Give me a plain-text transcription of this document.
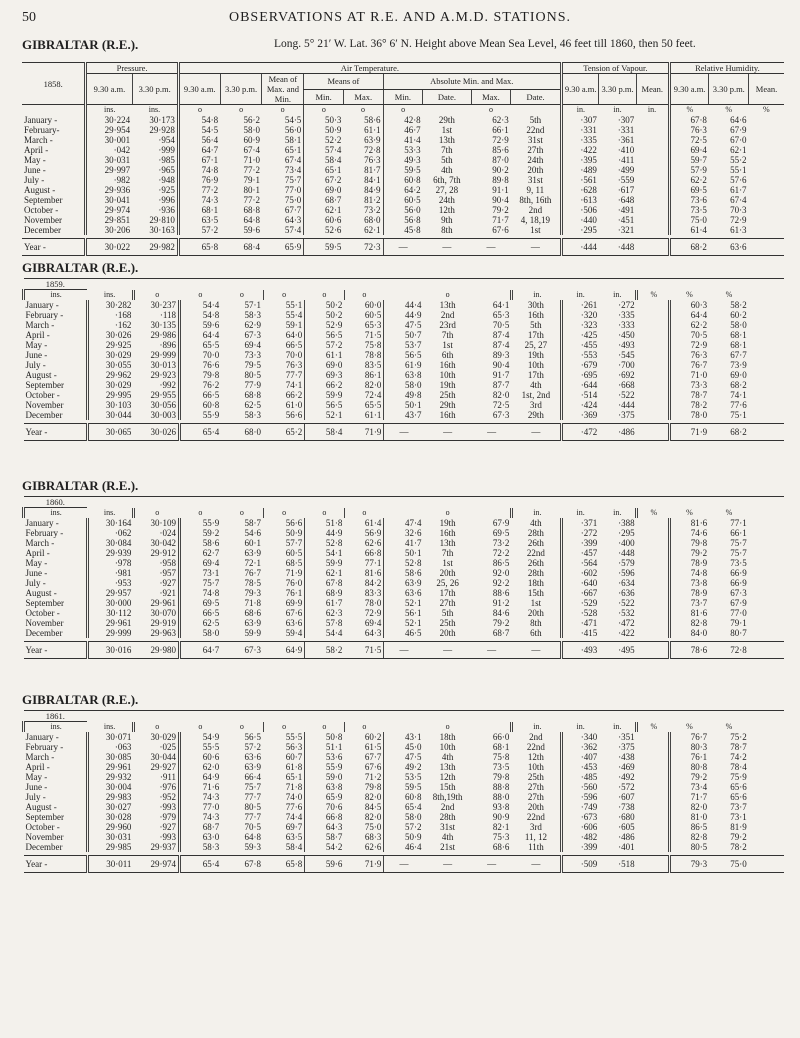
50	OBSERVATIONS AT R.E. AND A.M.D. STATIONS.
GIBRALTAR (R.E.).	Long. 5° 21′ W. Lat. 36° 6′ N. Height above Mean Sea Level, 46 feet till 1860, then 50 feet.
1858.	Pressure.		Air Temperature.									Tension of Vapour.			Relative Humidity.		
	9.30 a.m.	3.30 p.m.	9.30 a.m.	3.30 p.m.	Mean of Max. and Min.	Means of		Absolute Min. and Max.				9.30 a.m.	3.30 p.m.	Mean.	9.30 a.m.	3.30 p.m.	Mean.
						Min.	Max.	Min.	Date.	Max.	Date.						
	ins.	ins.	o	o	o	o	o	o		o		in.	in.	in.	%	%	%
January -	30·224	30·173	54·8	56·2	54·5	50·3	58·6	42·8	29th	62·3	5th	·307	·307		67·8	64·6	
February-	29·954	29·928	54·5	58·0	56·0	50·9	61·1	46·7	1st	66·1	22nd	·331	·331		76·3	67·9	
March -	30·001	·954	56·4	60·9	58·1	52·2	63·9	41·4	13th	72·9	31st	·335	·361		72·5	67·0	
April -	·042	·999	64·7	67·4	65·1	57·4	72·8	53·3	7th	85·6	27th	·422	·410		69·4	62·1	
May -	30·031	·985	67·1	71·0	67·4	58·4	76·3	49·3	5th	87·0	24th	·395	·411		59·7	55·2	
June -	29·997	·965	74·8	77·2	73·4	65·1	81·7	59·5	4th	90·2	20th	·489	·499		57·9	55·1	
July -	·982	·948	76·9	79·1	75·7	67·2	84·1	60·8	6th, 7th	89·8	31st	·561	·559		62·2	57·6	
August -	29·936	·925	77·2	80·1	77·0	69·0	84·9	64·2	27, 28	91·1	9, 11	·628	·617		69·5	61·7	
September	30·041	·996	74·3	77·2	75·0	68·7	81·2	60·5	24th	90·4	8th, 16th	·613	·648		73·6	67·4	
October -	29·974	·936	68·1	68·8	67·7	62·1	73·2	56·0	12th	79·2	2nd	·506	·491		73·5	70·3	
November	29·851	29·810	63·5	64·8	64·3	60·6	68·0	56·8	9th	71·7	4, 18,19	·440	·451		75·0	72·9	
December	30·206	30·163	57·2	59·6	57·4	52·6	62·1	45·8	8th	67·6	1st	·295	·321		61·4	61·3	

Year -	30·022	29·982	65·8	68·4	65·9	59·5	72·3	—	—	—	—	·444	·448		68·2	63·6	
GIBRALTAR (R.E.).
1859.																	
ins.	ins.	o	o	o	o	o	o		o		in.	in.	in.	%	%	%	
January -	30·282	30·237	54·4	57·1	55·1	50·2	60·0	44·4	13th	64·1	30th	·261	·272		60·3	58·2	
February -	·168	·118	54·8	58·3	55·4	50·2	60·5	44·9	2nd	65·3	16th	·320	·335		64·4	60·2	
March -	·162	30·135	59·6	62·9	59·1	52·9	65·3	47·5	23rd	70·5	5th	·323	·333		62·2	58·0	
April -	30·026	29·986	64·4	67·3	64·0	56·5	71·5	50·7	7th	87·4	17th	·425	·450		70·5	68·1	
May -	29·925	·896	65·5	69·4	66·5	57·2	75·8	53·7	1st	87·4	25, 27	·455	·493		72·9	68·1	
June -	30·029	29·999	70·0	73·3	70·0	61·1	78·8	56·5	6th	89·3	19th	·553	·545		76·3	67·7	
July -	30·055	30·013	76·6	79·5	76·3	69·0	83·5	61·9	16th	90·4	10th	·679	·700		76·7	73·9	
August -	29·962	29·923	79·8	80·5	77·7	69·3	86·1	63·8	10th	91·7	17th	·695	·692		71·0	69·0	
September	30·029	·992	76·2	77·9	74·1	66·2	82·0	58·0	19th	87·7	4th	·644	·668		73·3	68·2	
October -	29·995	29·955	66·5	68·8	66·2	59·9	72·4	49·8	25th	82·0	1st, 2nd	·514	·522		78·7	74·1	
November	30·103	30·056	60·8	62·5	61·0	56·5	65·5	50·1	29th	72·5	3rd	·424	·444		78·2	77·6	
December	30·044	30·003	55·9	58·3	56·6	52·1	61·1	43·7	16th	67·3	29th	·369	·375		78·0	75·1	

Year -	30·065	30·026	65·4	68·0	65·2	58·4	71·9	—	—	—	—	·472	·486		71·9	68·2	
GIBRALTAR (R.E.).
1860.																	
ins.	ins.	o	o	o	o	o	o		o		in.	in.	in.	%	%	%	
January -	30·164	30·109	55·9	58·7	56·6	51·8	61·4	47·4	19th	67·9	4th	·371	·388		81·6	77·1	
February -	·062	·024	59·2	54·6	50·9	44·9	56·9	32·6	16th	69·5	28th	·272	·295		74·6	66·1	
March -	30·084	30·042	58·6	60·1	57·7	52·8	62·6	41·7	13th	73·2	26th	·399	·400		79·8	75·7	
April -	29·939	29·912	62·7	63·9	60·5	54·1	66·8	50·1	7th	72·2	22nd	·457	·448		79·2	75·7	
May -	·978	·958	69·4	72·1	68·5	59·9	77·1	52·8	1st	86·5	26th	·564	·579		78·9	73·5	
June -	·981	·957	73·1	76·7	71·9	62·1	81·6	58·6	20th	92·0	28th	·602	·596		74·8	66·9	
July -	·953	·927	75·7	78·5	76·0	67·8	84·2	63·9	25, 26	92·2	18th	·640	·634		73·8	66·9	
August -	29·957	·921	74·8	79·3	76·1	68·9	83·3	63·6	17th	88·6	15th	·667	·636		78·9	67·3	
September	30·000	29·961	69·5	71·8	69·9	61·7	78·0	52·1	27th	91·2	1st	·529	·522		73·7	67·9	
October -	30·112	30·070	66·5	68·6	67·6	62·3	72·9	56·1	5th	84·6	20th	·528	·532		81·6	77·0	
November	29·961	29·919	62·5	63·9	63·6	57·8	69·4	52·1	25th	79·2	8th	·471	·472		82·8	79·1	
December	29·999	29·963	58·0	59·9	59·4	54·4	64·3	46·5	20th	68·7	6th	·415	·422		84·0	80·7	

Year -	30·016	29·980	64·7	67·3	64·9	58·2	71·5	—	—	—	—	·493	·495		78·6	72·8	
GIBRALTAR (R.E.).
1861.																	
ins.	ins.	o	o	o	o	o	o		o		in.	in.	in.	%	%	%	
January -	30·071	30·029	54·9	56·5	55·5	50·8	60·2	43·1	18th	66·0	2nd	·340	·351		76·7	75·2	
February -	·063	·025	55·5	57·2	56·3	51·1	61·5	45·0	10th	68·1	22nd	·362	·375		80·3	78·7	
March -	30·085	30·044	60·6	63·6	60·7	53·6	67·7	47·5	4th	75·8	12th	·407	·438		76·1	74·2	
April -	29·961	29·927	62·0	63·9	61·8	55·9	67·6	49·2	13th	73·5	10th	·453	·469		80·8	78·4	
May -	29·932	·911	64·9	66·4	65·1	59·0	71·2	53·5	12th	79·8	25th	·485	·492		79·2	75·9	
June -	30·004	·976	71·6	75·7	71·8	63·8	79·8	59·5	15th	88·8	27th	·560	·572		73·4	65·6	
July -	29·983	·952	74·3	77·7	74·0	65·9	82·0	60·8	8th,19th	88·0	27th	·596	·607		71·7	65·6	
August -	30·027	·993	77·0	80·5	77·6	70·6	84·5	65·4	2nd	93·8	20th	·749	·738		82·0	73·7	
September	30·028	·979	74·3	77·7	74·4	66·8	82·0	58·0	28th	90·9	22nd	·673	·680		81·0	73·1	
October -	29·960	·927	68·7	70·5	69·7	64·3	75·0	57·2	31st	82·1	3rd	·606	·605		86·5	81·9	
November	30·031	·993	63·0	64·8	63·5	58·7	68·3	50·9	4th	75·3	11, 12	·482	·486		82·8	79·2	
December	29·985	29·937	58·3	59·3	58·4	54·2	62·6	46·4	21st	68·6	11th	·399	·401		80·5	78·2	

Year -	30·011	29·974	65·4	67·8	65·8	59·6	71·9	—	—	—	—	·509	·518		79·3	75·0	
